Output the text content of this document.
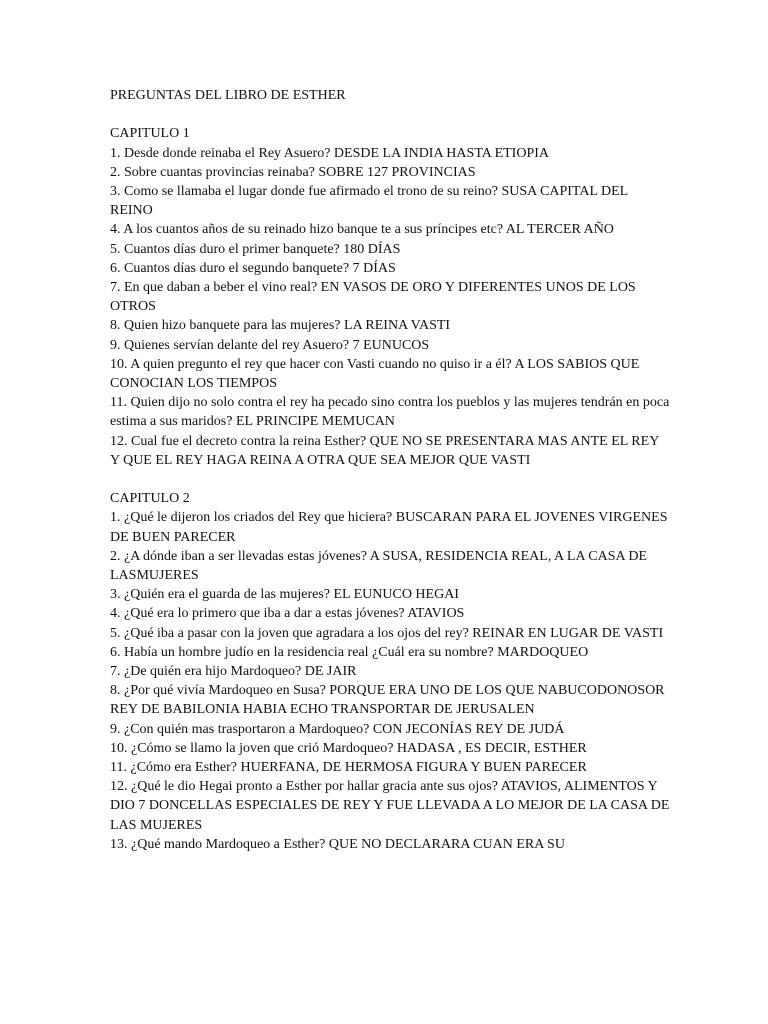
PREGUNTAS DEL LIBRO DE ESTHER

CAPITULO 1

1. Desde donde reinaba el Rey Asuero? DESDE LA INDIA HASTA ETIOPIA
2. Sobre cuantas provincias reinaba? SOBRE 127 PROVINCIAS
3. Como se llamaba el lugar donde fue afirmado el trono de su reino? SUSA CAPITAL DEL REINO
4. A los cuantos años de su reinado hizo banque te a sus príncipes etc? AL TERCER AÑO
5. Cuantos días duro el primer banquete? 180 DÍAS
6. Cuantos días duro el segundo banquete? 7 DÍAS
7. En que daban a beber el vino real? EN VASOS DE ORO Y DIFERENTES UNOS DE LOS OTROS
8. Quien hizo banquete para las mujeres? LA REINA VASTI
9. Quienes servían delante del rey Asuero? 7 EUNUCOS
10. A quien pregunto el rey que hacer con Vasti cuando no quiso ir a él? A LOS SABIOS QUE CONOCIAN LOS TIEMPOS
11. Quien dijo no solo contra el rey ha pecado sino contra los pueblos y las mujeres tendrán en poca estima a sus maridos? EL PRINCIPE MEMUCAN
12. Cual fue el decreto contra la reina Esther? QUE NO SE PRESENTARA MAS ANTE EL REY Y QUE EL REY HAGA REINA A OTRA QUE SEA MEJOR QUE VASTI

CAPITULO 2

1. ¿Qué le dijeron los criados del Rey que hiciera? BUSCARAN PARA EL JOVENES VIRGENES DE BUEN PARECER
2. ¿A dónde iban a ser llevadas estas jóvenes? A SUSA, RESIDENCIA REAL, A LA CASA DE LASMUJERES
3. ¿Quién era el guarda de las mujeres? EL EUNUCO HEGAI
4. ¿Qué era lo primero que iba a dar a estas jóvenes? ATAVIOS
5. ¿Qué iba a pasar con la joven que agradara a los ojos del rey? REINAR EN LUGAR DE VASTI
6. Había un hombre judío en la residencia real ¿Cuál era su nombre? MARDOQUEO
7. ¿De quién era hijo Mardoqueo? DE JAIR
8. ¿Por qué vivía Mardoqueo en Susa? PORQUE ERA UNO DE LOS QUE NABUCODONOSOR REY DE BABILONIA HABIA ECHO TRANSPORTAR DE JERUSALEN
9. ¿Con quién mas trasportaron a Mardoqueo? CON JECONÍAS REY DE JUDÁ
10. ¿Cómo se llamo la joven que crió Mardoqueo? HADASA , ES DECIR, ESTHER
11. ¿Cómo era Esther? HUERFANA, DE HERMOSA FIGURA Y BUEN PARECER
12. ¿Qué le dio Hegai pronto a Esther por hallar gracia ante sus ojos? ATAVIOS, ALIMENTOS Y DIO 7 DONCELLAS ESPECIALES DE REY Y FUE LLEVADA A LO MEJOR DE LA CASA DE LAS MUJERES
13. ¿Qué mando Mardoqueo a Esther? QUE NO DECLARARA CUAN ERA SU
